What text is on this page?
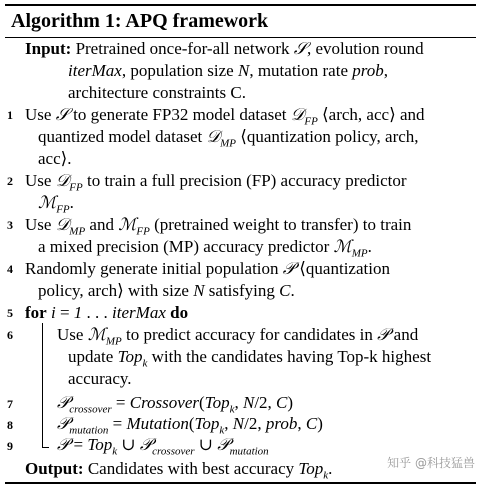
Algorithm 1: APQ framework
Input: Pretrained once-for-all network 𝒮, evolution round
iterMax, population size N, mutation rate prob,
architecture constraints C.
1 Use 𝒮 to generate FP32 model dataset 𝒟$_{FP}$ ⟨arch, acc⟩ and
quantized model dataset 𝒟$_{MP}$ ⟨quantization policy, arch,
acc⟩.
2 Use 𝒟$_{FP}$ to train a full precision (FP) accuracy predictor
ℳ$_{FP}$.
3 Use 𝒟$_{MP}$ and ℳ$_{FP}$ (pretrained weight to transfer) to train
a mixed precision (MP) accuracy predictor ℳ$_{MP}$.
4 Randomly generate initial population 𝒫 ⟨quantization
policy, arch⟩ with size N satisfying C.
5 for i = 1 . . . iterMax do
6	Use ℳ$_{MP}$ to predict accuracy for candidates in 𝒫 and
update Top$_k$ with the candidates having Top-k highest
accuracy.
7	𝒫$_{crossover}$ = Crossover(Top$_k$, N/2, C)
8	𝒫$_{mutation}$ = Mutation(Top$_k$, N/2, prob, C)
9	𝒫 = Top$_k$ ∪ 𝒫$_{crossover}$ ∪ 𝒫$_{mutation}$
Output: Candidates with best accuracy Top$_k$.	知乎 @科技猛兽
